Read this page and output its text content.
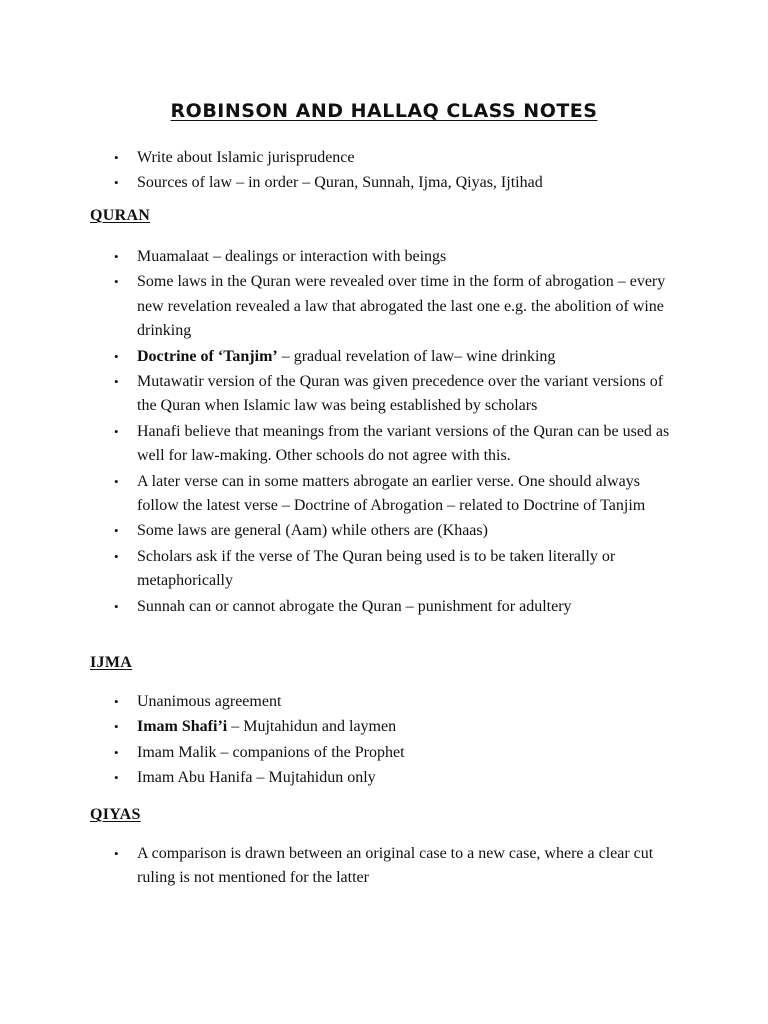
ROBINSON AND HALLAQ CLASS NOTES
• Write about Islamic jurisprudence
• Sources of law – in order – Quran, Sunnah, Ijma, Qiyas, Ijtihad
QURAN
• Muamalaat – dealings or interaction with beings
• Some laws in the Quran were revealed over time in the form of abrogation – every new revelation revealed a law that abrogated the last one e.g. the abolition of wine drinking
• Doctrine of ‘Tanjim’ – gradual revelation of law– wine drinking
• Mutawatir version of the Quran was given precedence over the variant versions of the Quran when Islamic law was being established by scholars
• Hanafi believe that meanings from the variant versions of the Quran can be used as well for law-making. Other schools do not agree with this.
• A later verse can in some matters abrogate an earlier verse. One should always follow the latest verse – Doctrine of Abrogation – related to Doctrine of Tanjim
• Some laws are general (Aam) while others are (Khaas)
• Scholars ask if the verse of The Quran being used is to be taken literally or metaphorically
• Sunnah can or cannot abrogate the Quran – punishment for adultery
IJMA
• Unanimous agreement
• Imam Shafi’i – Mujtahidun and laymen
• Imam Malik – companions of the Prophet
• Imam Abu Hanifa – Mujtahidun only
QIYAS
• A comparison is drawn between an original case to a new case, where a clear cut ruling is not mentioned for the latter
